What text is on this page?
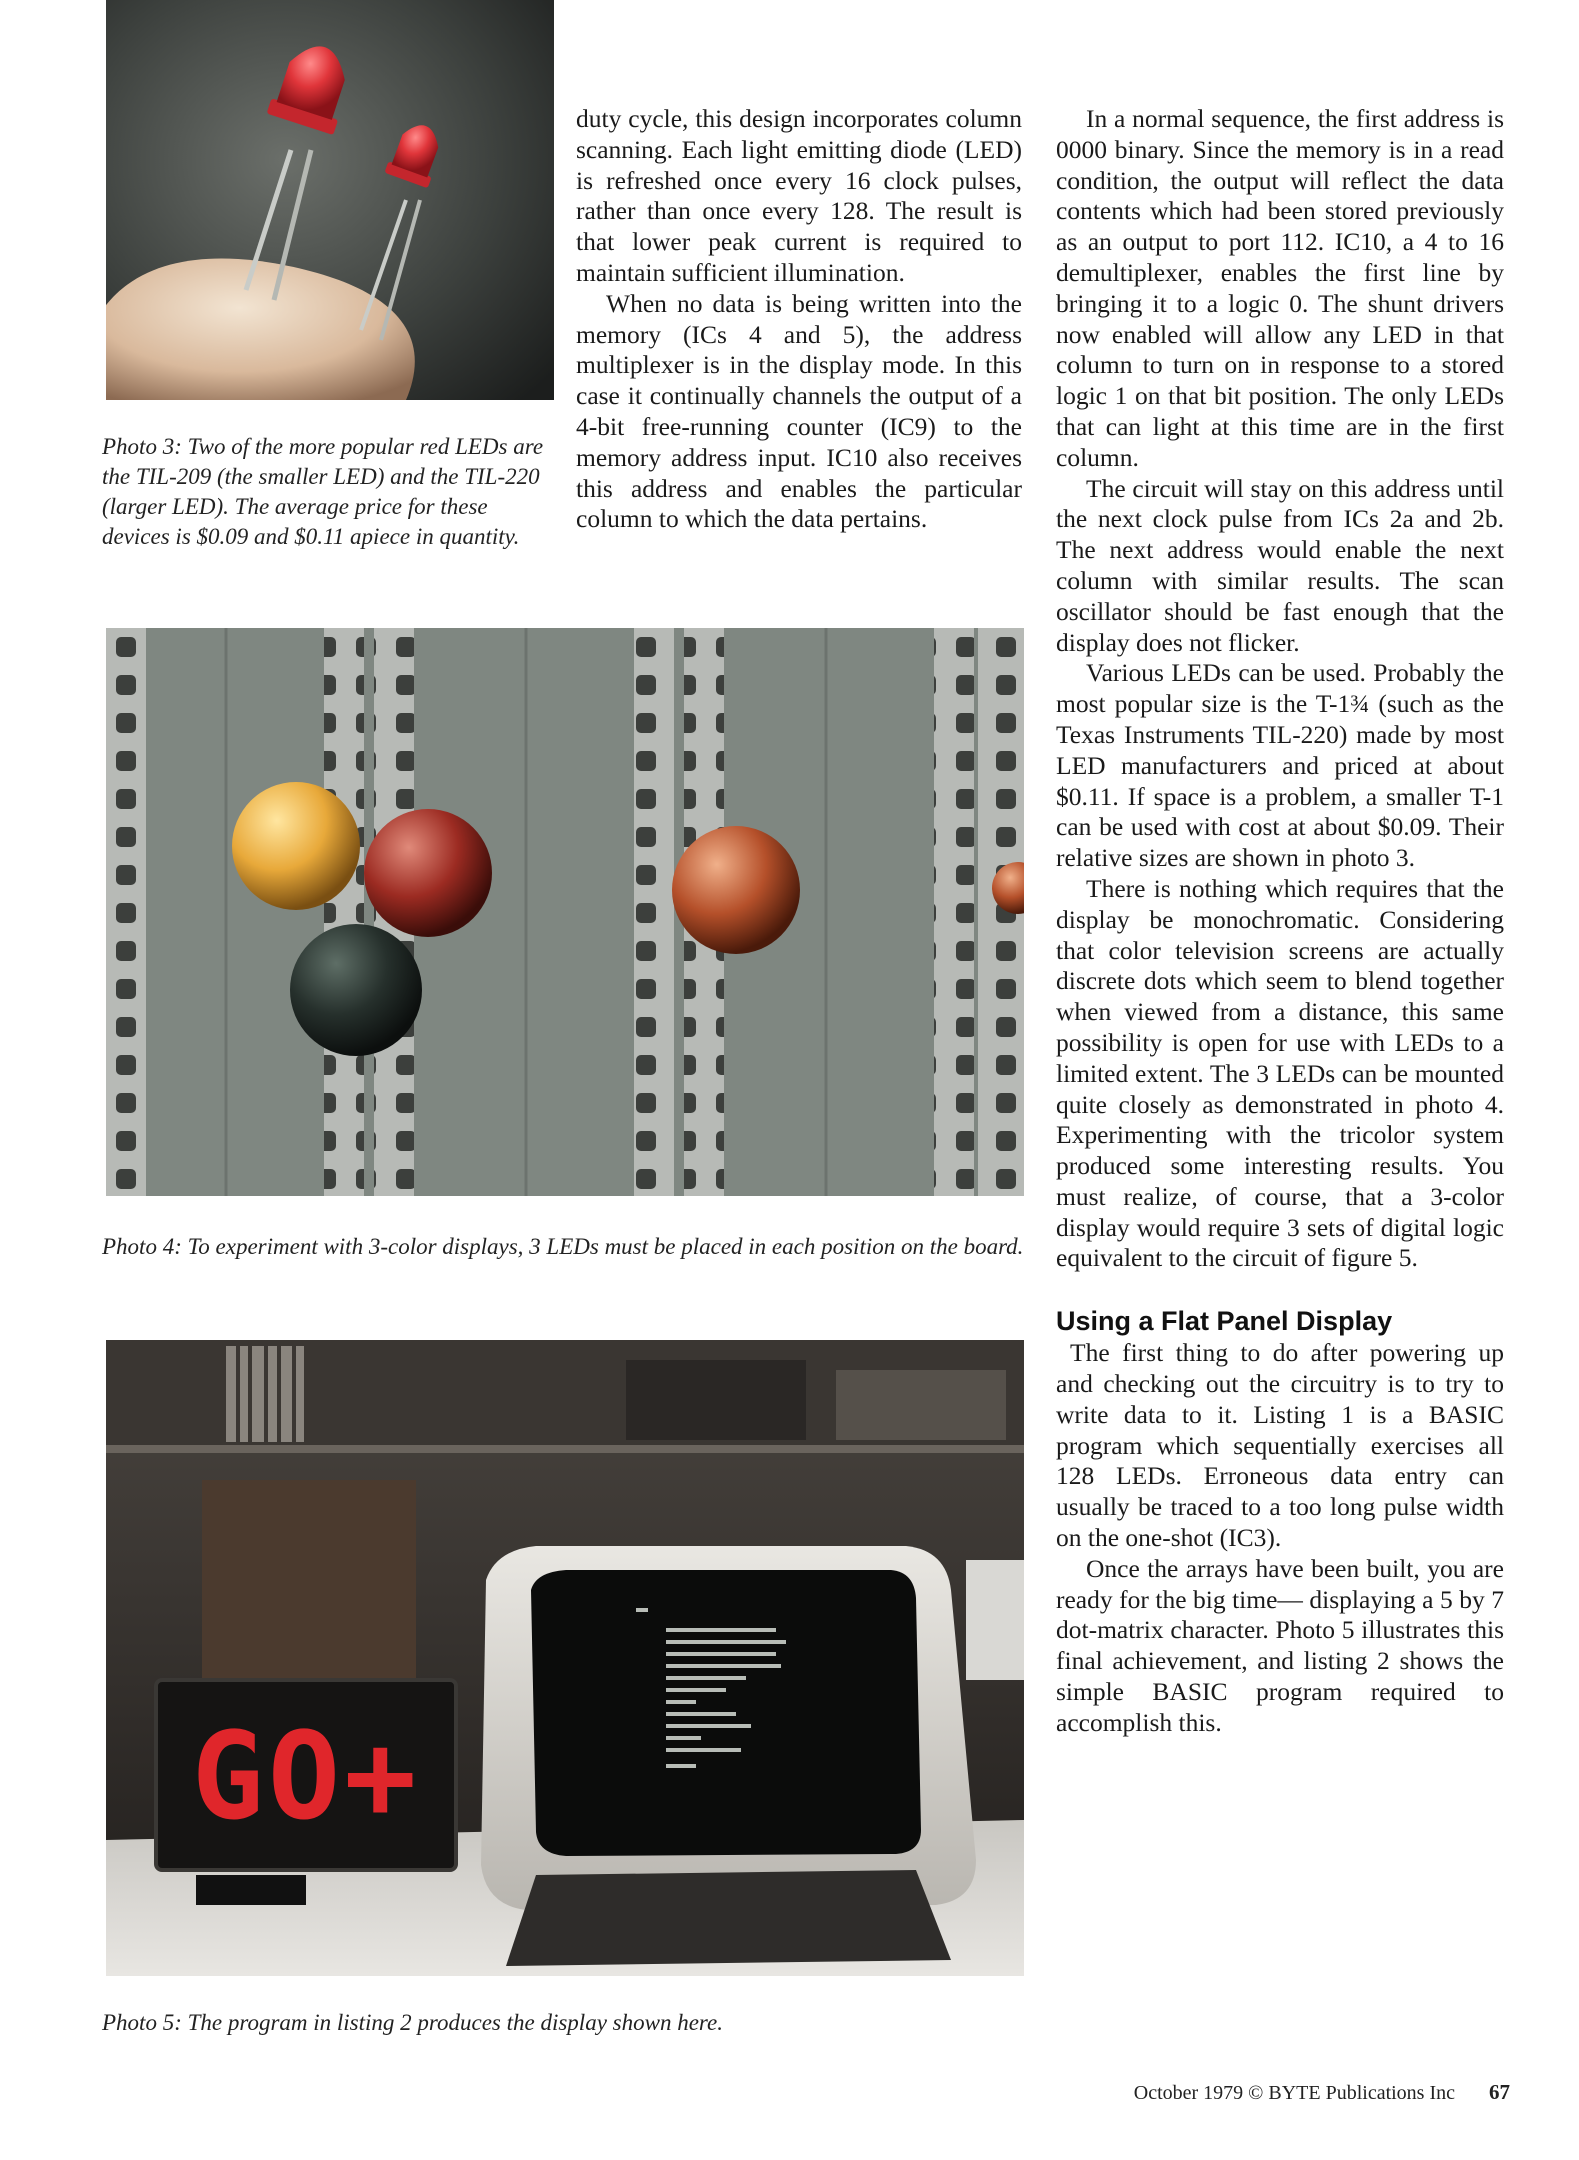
Photo 3: Two of the more popular red LEDs are the TIL-209 (the smaller LED) and the TIL-220 (larger LED). The average price for these devices is $0.09 and $0.11 apiece in quantity.

duty cycle, this design incorporates column scanning. Each light emitting diode (LED) is refreshed once every 16 clock pulses, rather than once every 128. The result is that lower peak current is required to maintain sufficient illumination.

When no data is being written into the memory (ICs 4 and 5), the address multiplexer is in the display mode. In this case it continually channels the output of a 4-bit free-running counter (IC9) to the memory address input. IC10 also receives this address and enables the particular column to which the data pertains.

Photo 4: To experiment with 3-color displays, 3 LEDs must be placed in each position on the board.
GO+
Photo 5: The program in listing 2 produces the display shown here.

In a normal sequence, the first address is 0000 binary. Since the memory is in a read condition, the output will reflect the data contents which had been stored previously as an output to port 112. IC10, a 4 to 16 demultiplexer, enables the first line by bringing it to a logic 0. The shunt drivers now enabled will allow any LED in that column to turn on in response to a stored logic 1 on that bit position. The only LEDs that can light at this time are in the first column.

The circuit will stay on this address until the next clock pulse from ICs 2a and 2b. The next address would enable the next column with similar results. The scan oscillator should be fast enough that the display does not flicker.

Various LEDs can be used. Probably the most popular size is the T-1¾ (such as the Texas Instruments TIL-220) made by most LED manufacturers and priced at about $0.11. If space is a problem, a smaller T-1 can be used with cost at about $0.09. Their relative sizes are shown in photo 3.

There is nothing which requires that the display be monochromatic. Considering that color television screens are actually discrete dots which seem to blend together when viewed from a distance, this same possibility is open for use with LEDs to a limited extent. The 3 LEDs can be mounted quite closely as demonstrated in photo 4. Experimenting with the tricolor system produced some interesting results. You must realize, of course, that a 3-color display would require 3 sets of digital logic equivalent to the circuit of figure 5.

Using a Flat Panel Display

The first thing to do after powering up and checking out the circuitry is to try to write data to it. Listing 1 is a BASIC program which sequentially exercises all 128 LEDs. Erroneous data entry can usually be traced to a too long pulse width on the one-shot (IC3).

Once the arrays have been built, you are ready for the big time— displaying a 5 by 7 dot-matrix character. Photo 5 illustrates this final achievement, and listing 2 shows the simple BASIC program required to accomplish this.

October 1979 © BYTE Publications Inc 67
